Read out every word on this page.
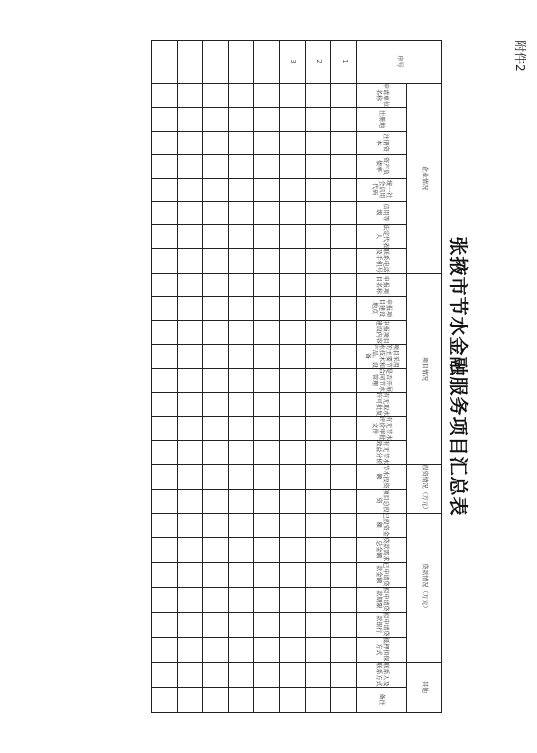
附件2
张掖市节水金融服务项目汇总表
企业情况
项目情况
投资情况（万元）
贷款情况（万元）
其他
序号
申请单位名称
注册地
注册资本
资产负债率
统一社会信用代码
信用等级
法定代表人
联系电话及手机号
申报项目名称
申报项目建设地点
申报项目建设内容
项目采用的主要节水技术和产品、设备
是否开展合同节水管理
有无取水许可批复
有无节水评价审批文件
有无节水效益分析
节水投资额
项目总投资
已投资金额
贷款需求总金额
已申请贷款金额
拟申请贷款期限
拟申请贷款银行
抵押担保方式
联系人及联系方式
备注
1
2
3
